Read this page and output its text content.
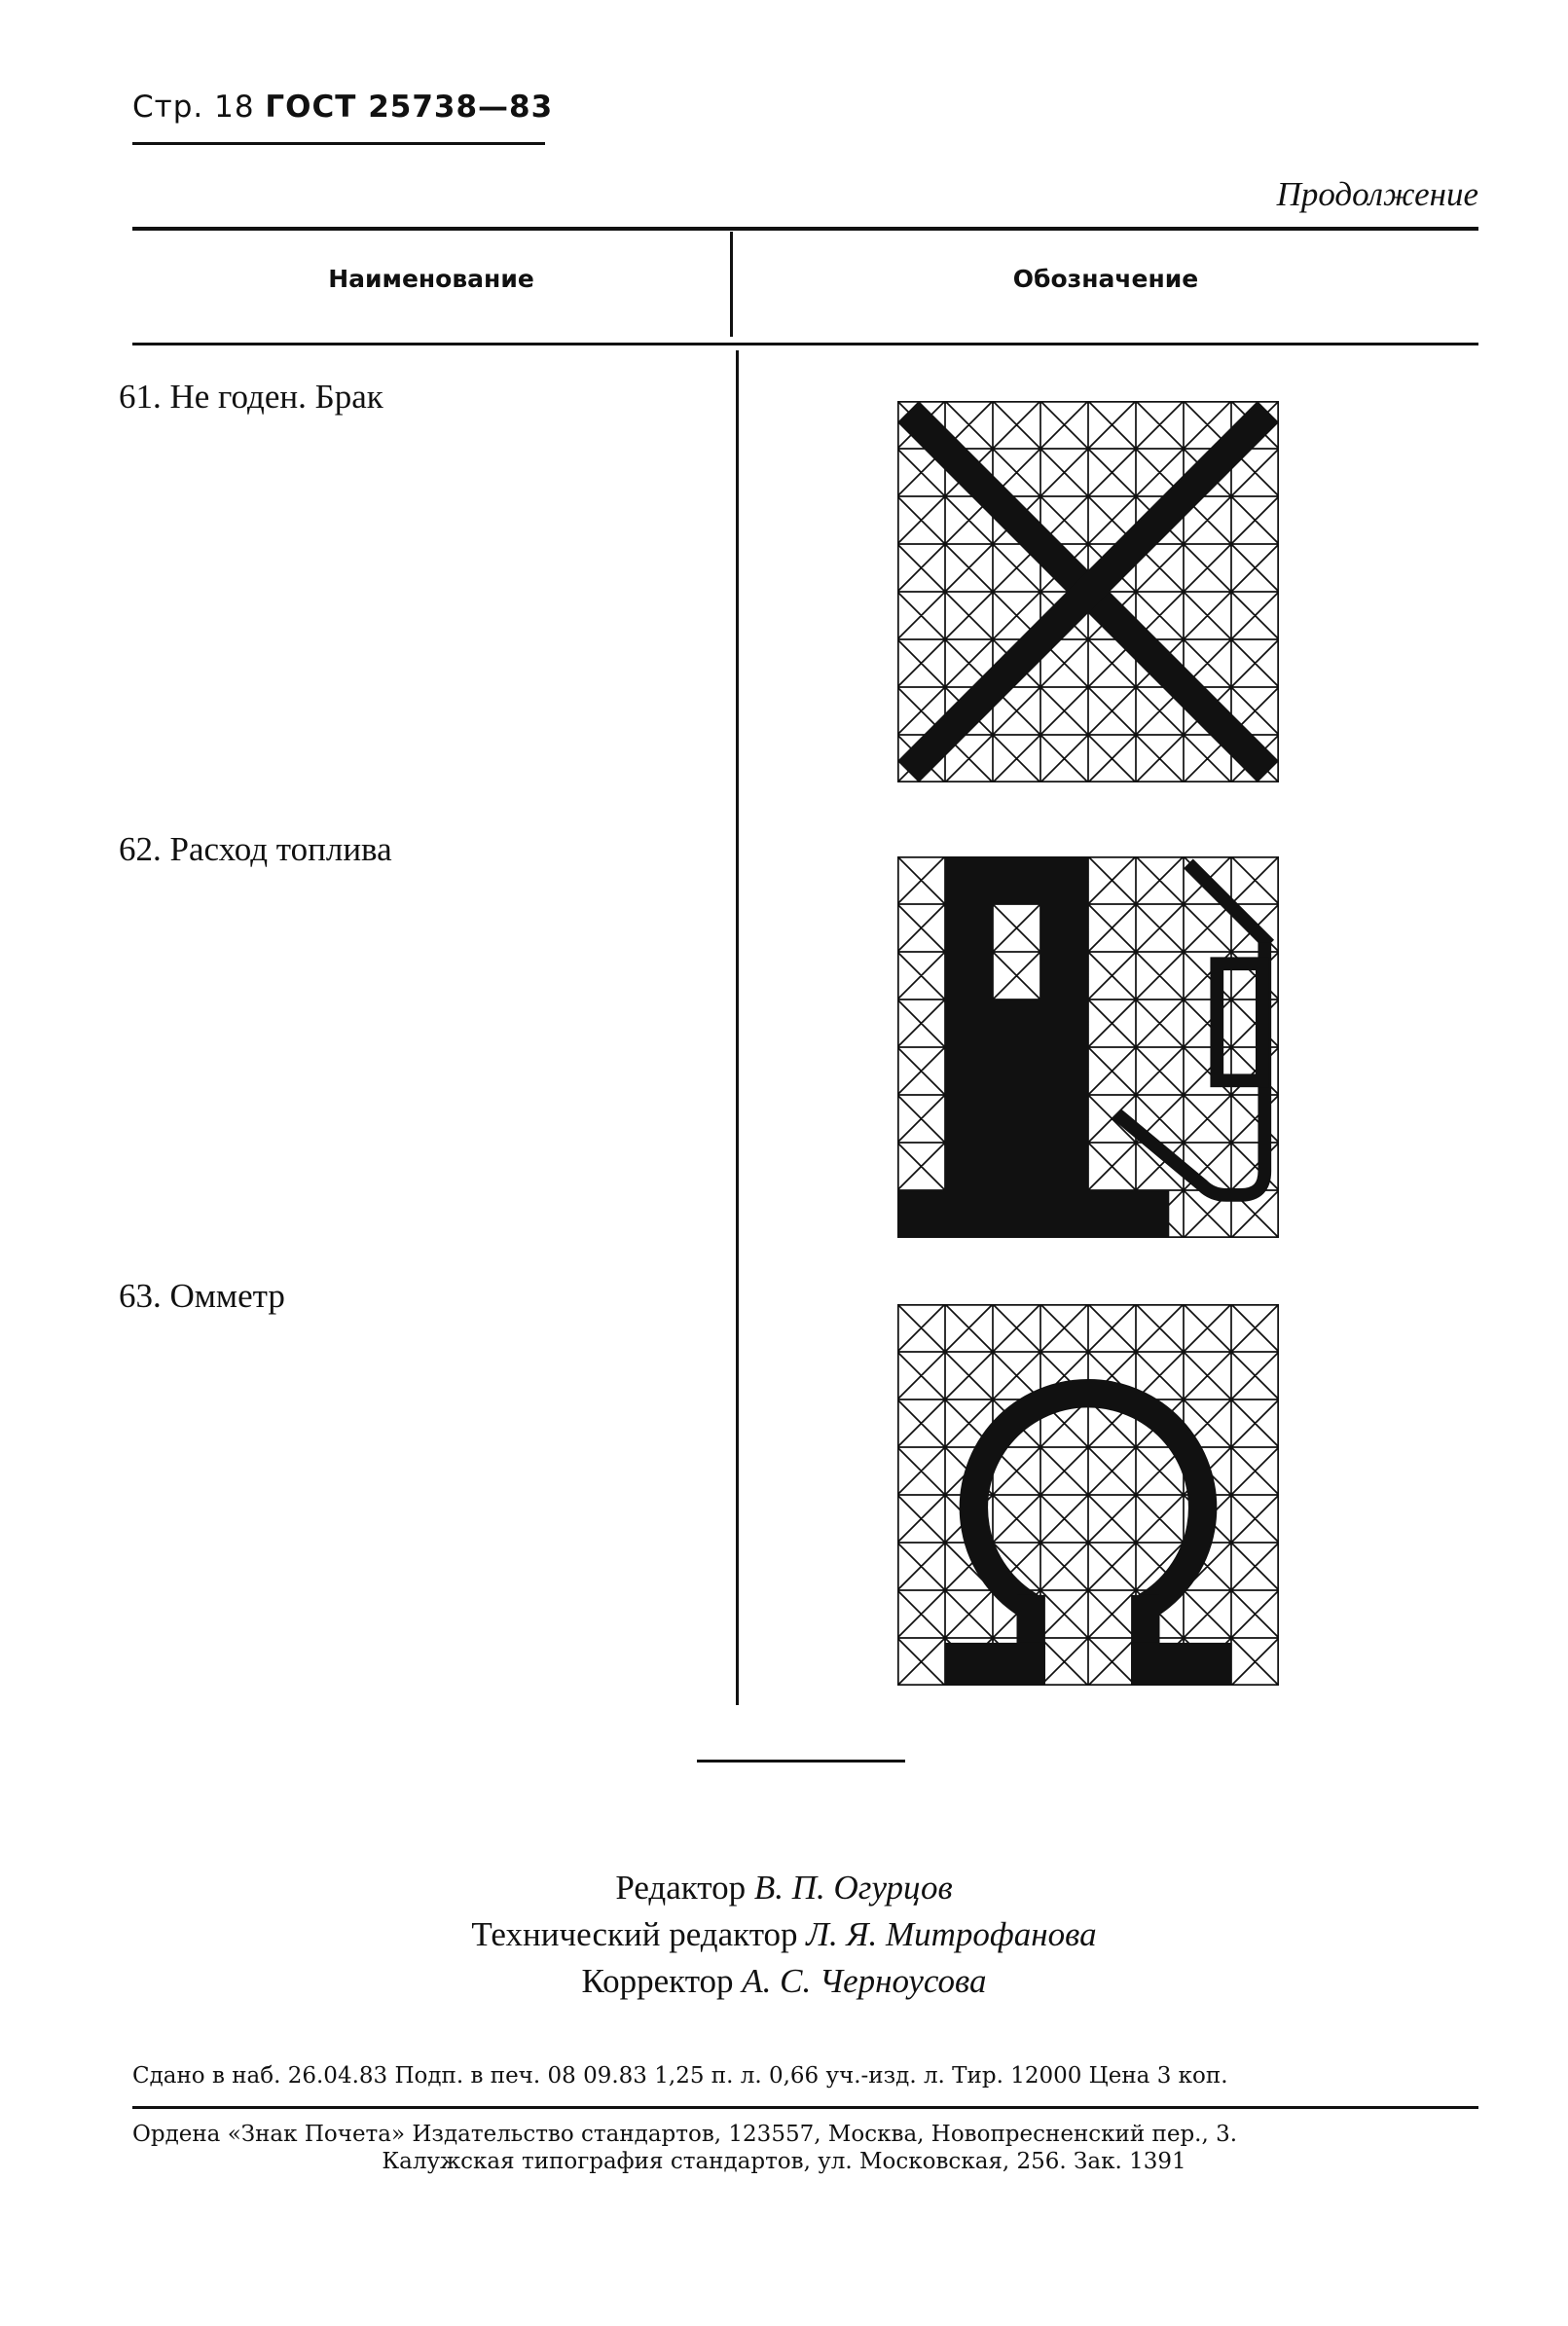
Стр. 18 ГОСТ 25738—83
Продолжение
Наименование	Обозначение
61. Не годен. Брак
62. Расход топлива
63. Омметр
Редактор В. П. Огурцов
Технический редактор Л. Я. Митрофанова
Корректор А. С. Черноусова
Сдано в наб. 26.04.83 Подп. в печ. 08 09.83 1,25 п. л. 0,66 уч.-изд. л. Тир. 12000 Цена 3 коп.
Ордена «Знак Почета» Издательство стандартов, 123557, Москва, Новопресненский пер., 3.
Калужская типография стандартов, ул. Московская, 256. Зак. 1391
